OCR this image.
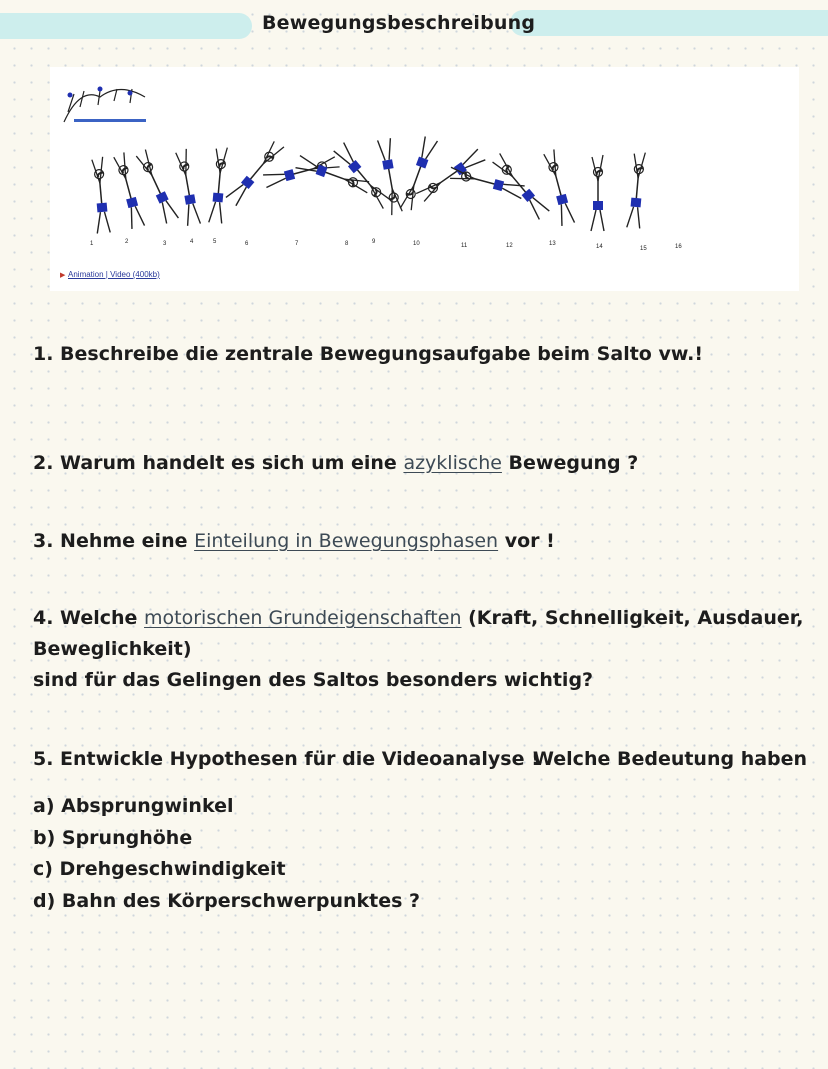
Bewegungsbeschreibung
1	2	3	4	5	6	7	8	9	10	11	12	13	14	15	16
▶ Animation | Video (400kb)
1. Beschreibe die zentrale Bewegungsaufgabe beim Salto vw.!
2. Warum handelt es sich um eine azyklische Bewegung ?
3. Nehme eine Einteilung in Bewegungsphasen vor !
4. Welche motorischen Grundeigenschaften (Kraft, Schnelligkeit, Ausdauer,
Beweglichkeit)
sind für das Gelingen des Saltos besonders wichtig?
5. Entwickle Hypothesen für die Videoanalyse !
Welche Bedeutung haben
a) Absprungwinkel
b) Sprunghöhe
c) Drehgeschwindigkeit
d) Bahn des Körperschwerpunktes ?
